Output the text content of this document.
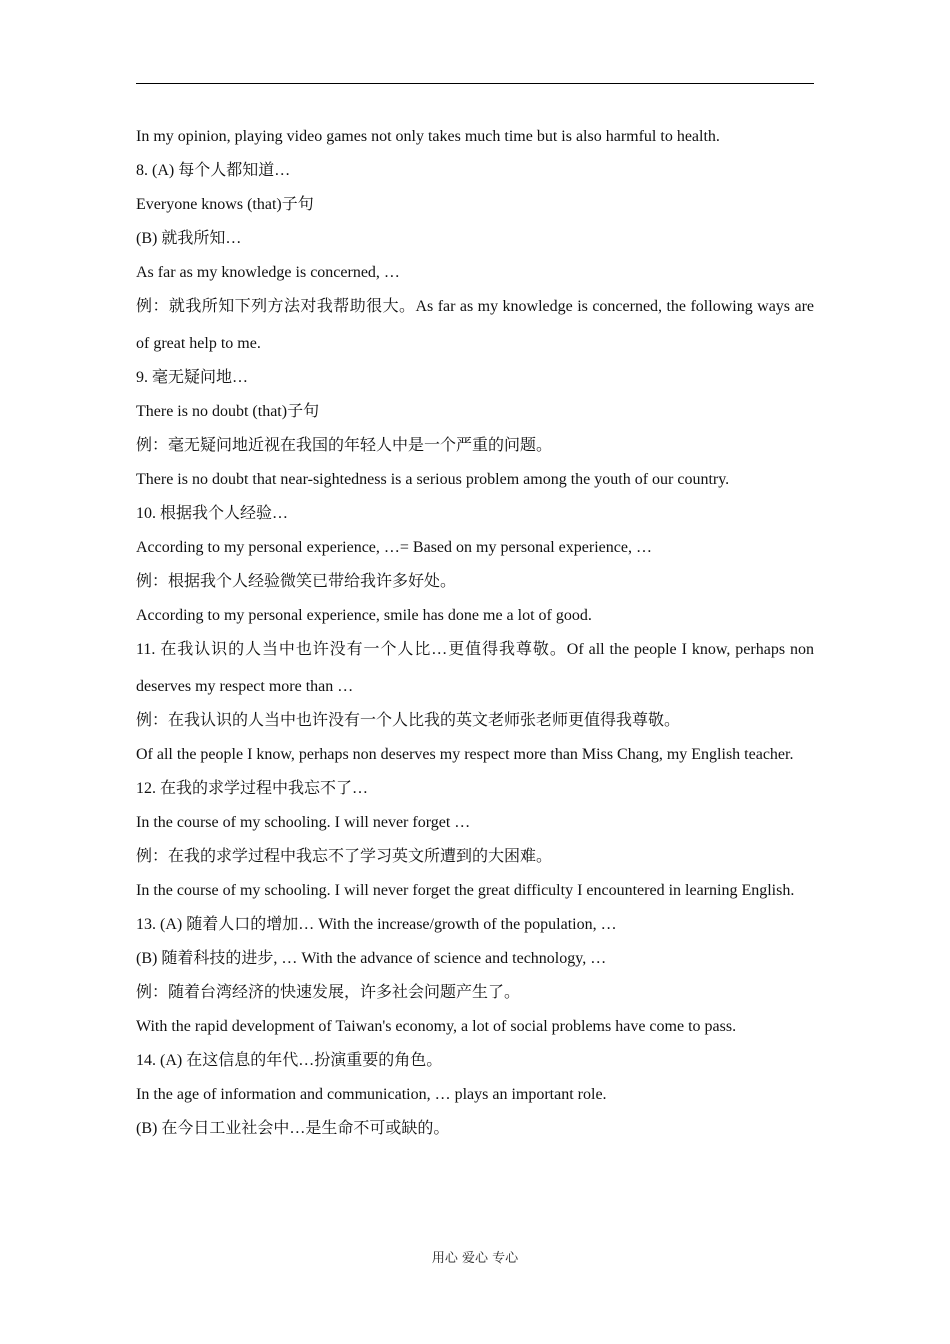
In my opinion, playing video games not only takes much time but is also harmful to health.
8. (A) 每个人都知道…
Everyone knows (that)子句
(B) 就我所知…
As far as my knowledge is concerned, …
例：就我所知下列方法对我帮助很大。As far as my knowledge is concerned, the following ways are of great help to me.
9. 毫无疑问地…
There is no doubt (that)子句
例：毫无疑问地近视在我国的年轻人中是一个严重的问题。
There is no doubt that near-sightedness is a serious problem among the youth of our country.
10. 根据我个人经验…
According to my personal experience, …= Based on my personal experience, …
例：根据我个人经验微笑已带给我许多好处。
According to my personal experience, smile has done me a lot of good.
11. 在我认识的人当中也许没有一个人比…更值得我尊敬。Of all the people I know, perhaps non deserves my respect more than …
例：在我认识的人当中也许没有一个人比我的英文老师张老师更值得我尊敬。
Of all the people I know, perhaps non deserves my respect more than Miss Chang, my English teacher.
12. 在我的求学过程中我忘不了…
In the course of my schooling. I will never forget …
例：在我的求学过程中我忘不了学习英文所遭到的大困难。
In the course of my schooling. I will never forget the great difficulty I encountered in learning English.
13. (A) 随着人口的增加… With the increase/growth of the population, …
(B) 随着科技的进步, … With the advance of science and technology, …
例：随着台湾经济的快速发展，许多社会问题产生了。
With the rapid development of Taiwan's economy, a lot of social problems have come to pass.
14. (A) 在这信息的年代…扮演重要的角色。
In the age of information and communication, … plays an important role.
(B) 在今日工业社会中…是生命不可或缺的。
用心 爱心 专心
